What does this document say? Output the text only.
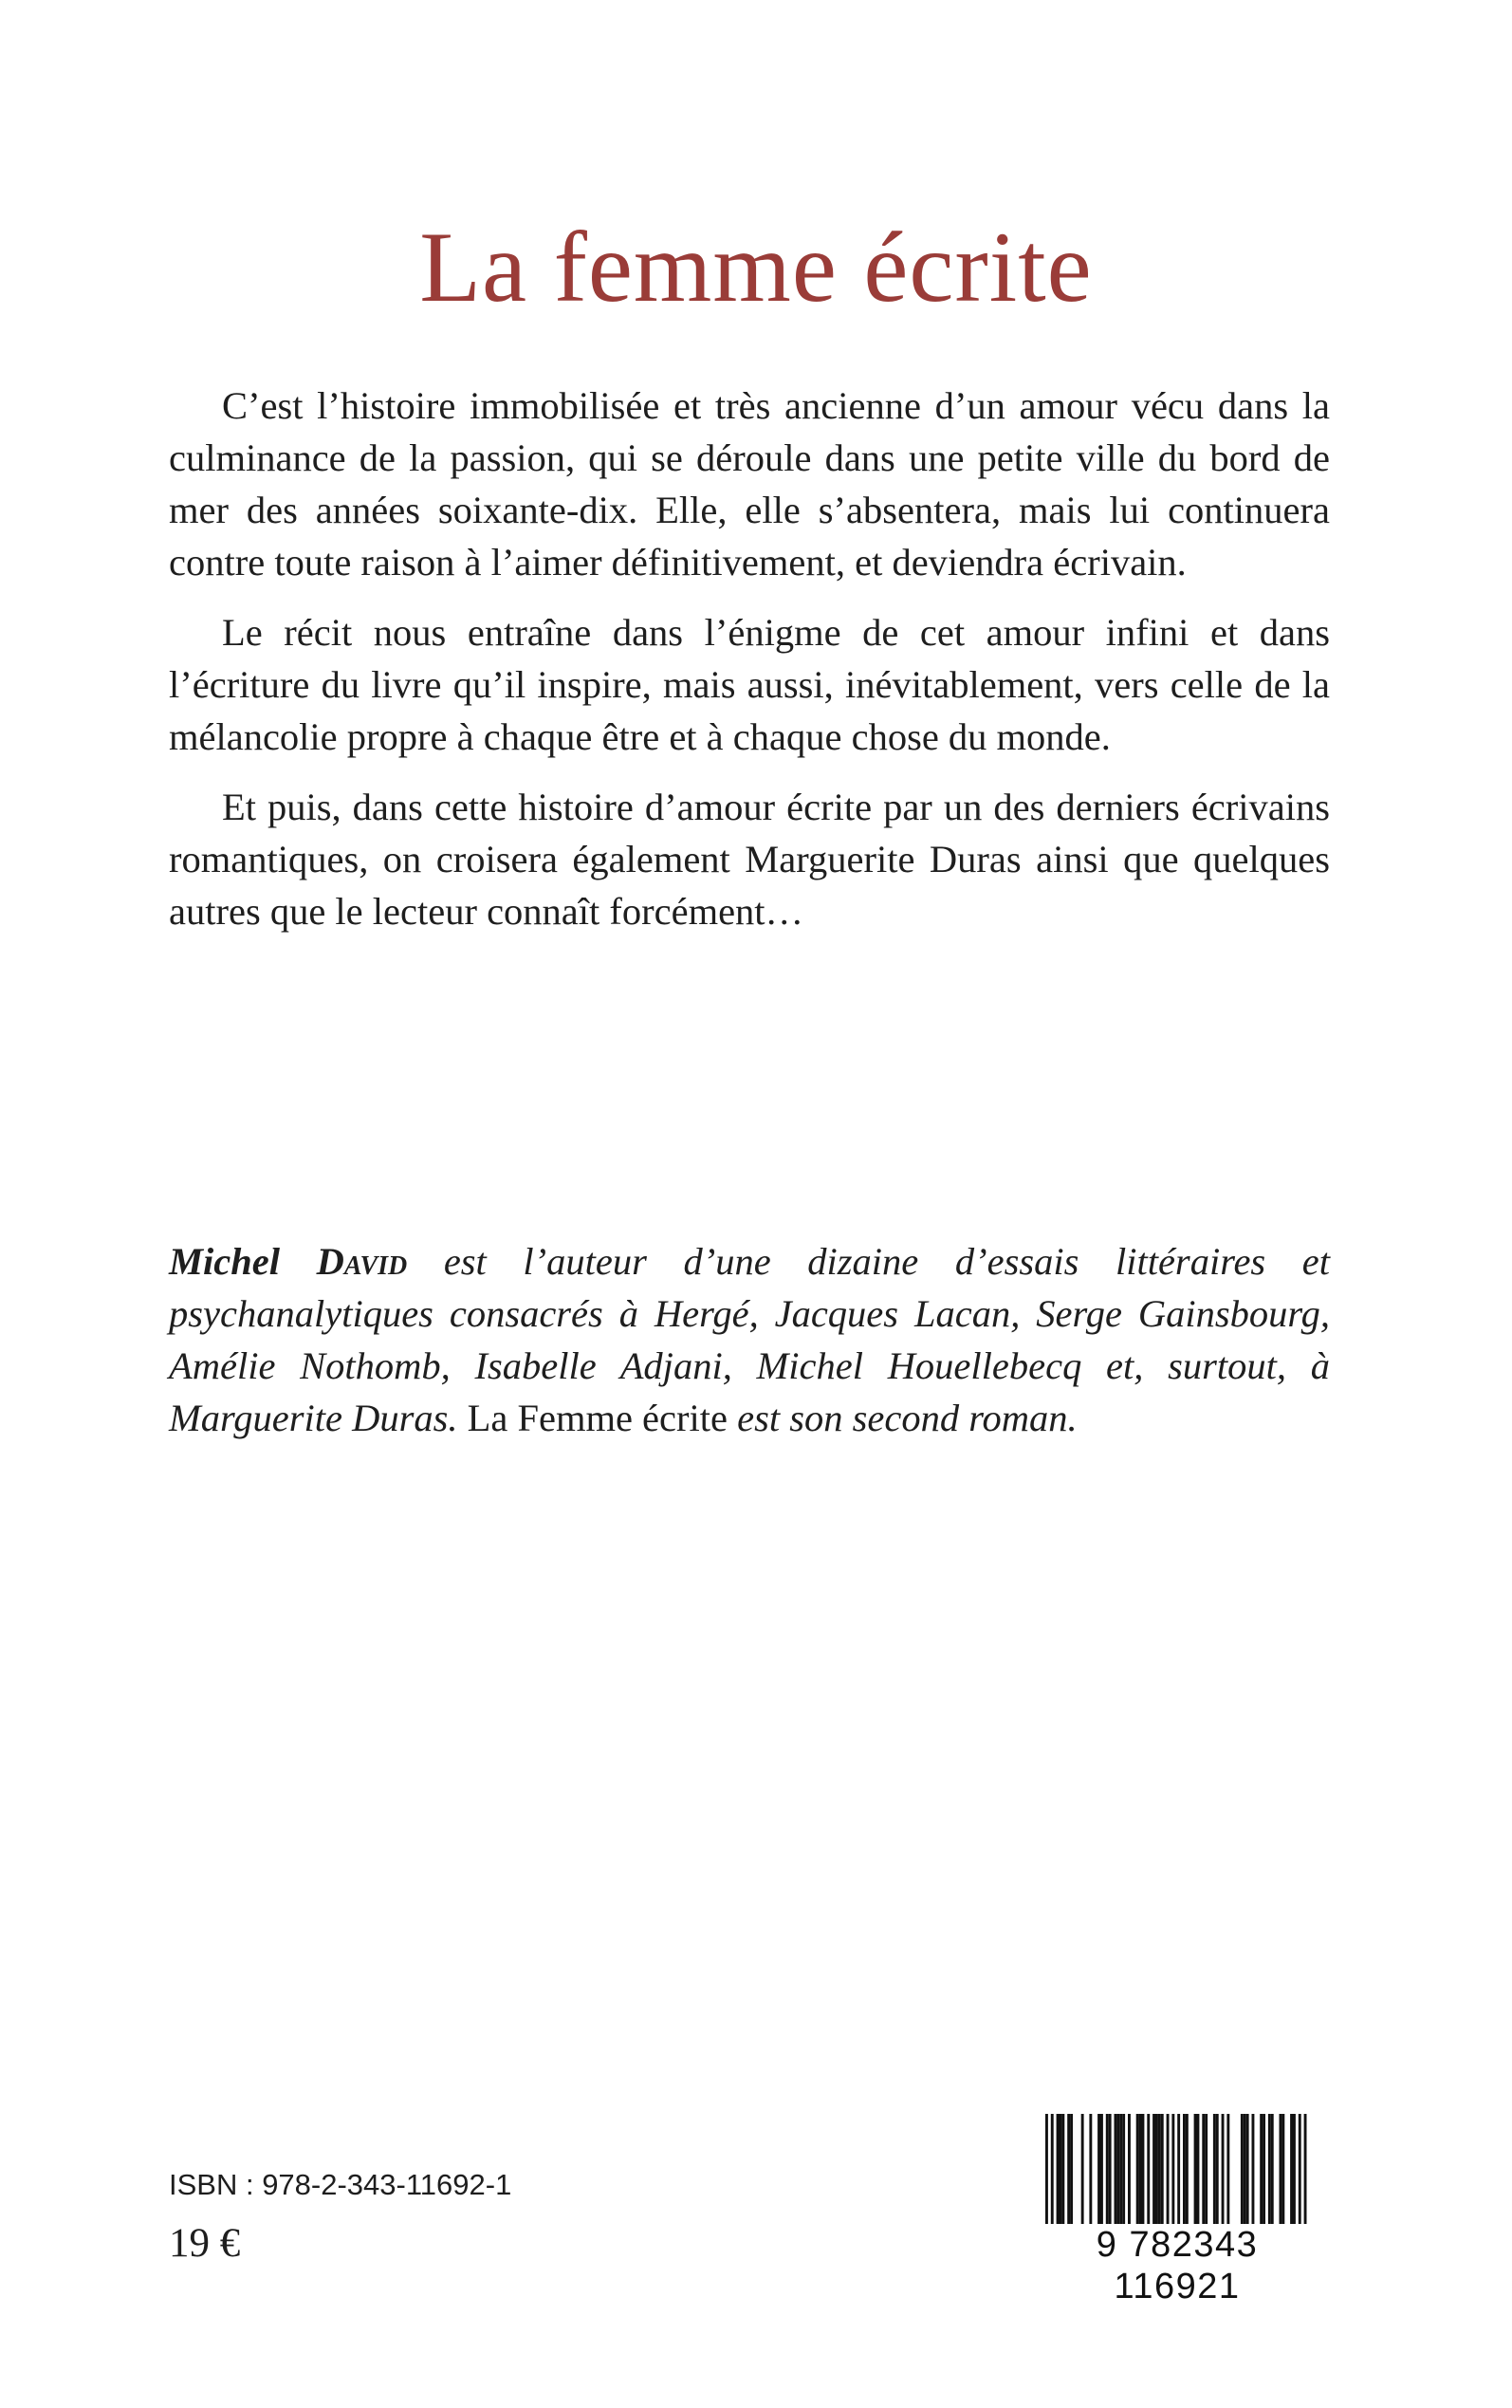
La femme écrite

C’est l’histoire immobilisée et très ancienne d’un amour vécu dans la culminance de la passion, qui se déroule dans une petite ville du bord de mer des années soixante-dix. Elle, elle s’absentera, mais lui continuera contre toute raison à l’aimer définitivement, et deviendra écrivain.

Le récit nous entraîne dans l’énigme de cet amour infini et dans l’écriture du livre qu’il inspire, mais aussi, inévitablement, vers celle de la mélancolie propre à chaque être et à chaque chose du monde.

Et puis, dans cette histoire d’amour écrite par un des derniers écrivains romantiques, on croisera également Marguerite Duras ainsi que quelques autres que le lecteur connaît forcément…

Michel David est l’auteur d’une dizaine d’essais littéraires et psychanalytiques consacrés à Hergé, Jacques Lacan, Serge Gainsbourg, Amélie Nothomb, Isabelle Adjani, Michel Houellebecq et, surtout, à Marguerite Duras. La Femme écrite est son second roman.

ISBN : 978-2-343-11692-1
19 €	9 782343 116921
